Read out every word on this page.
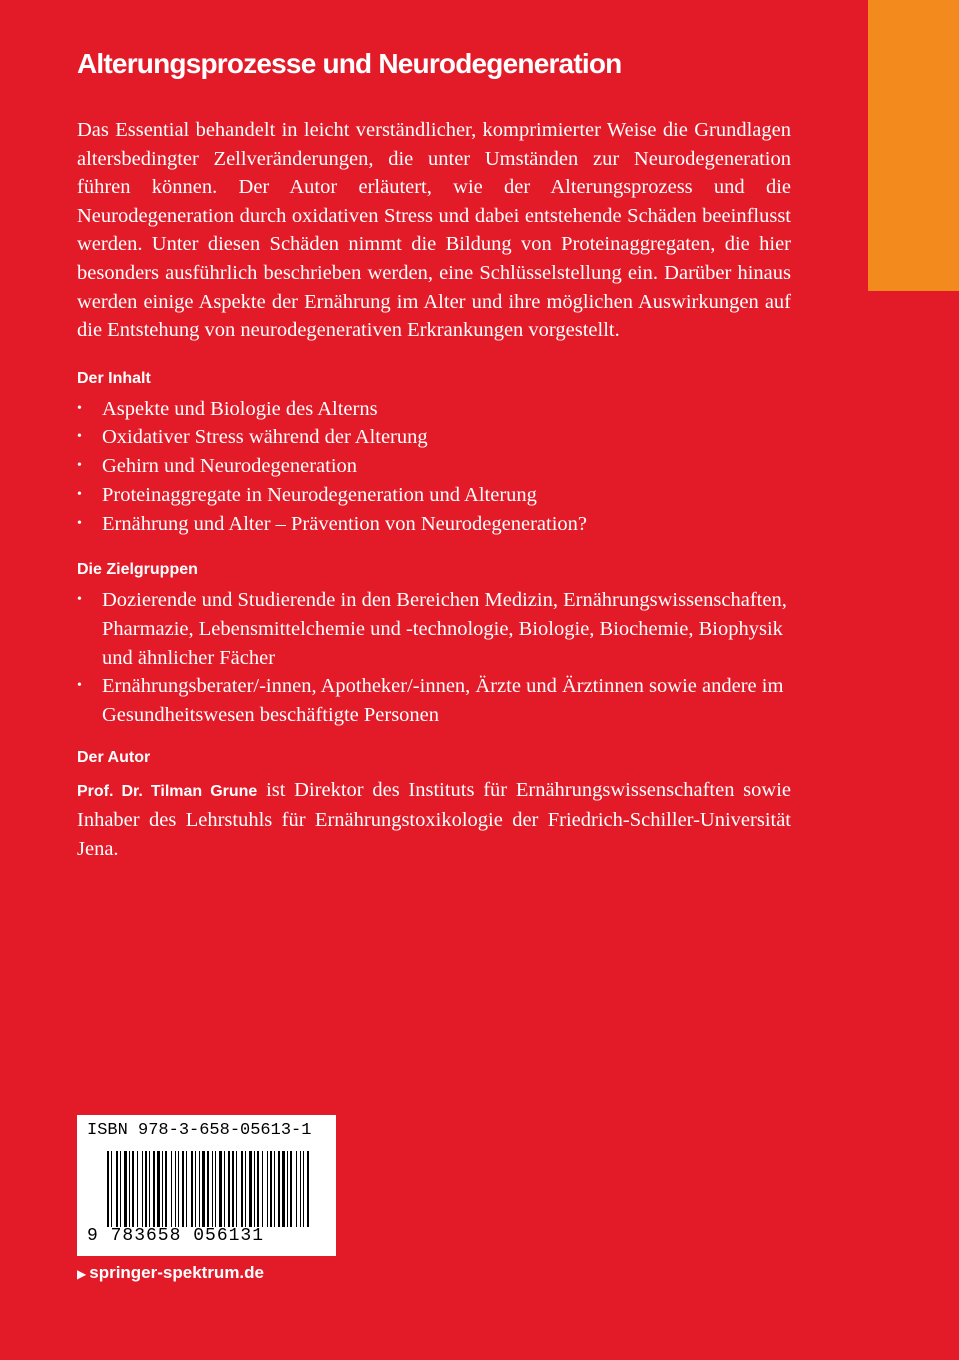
Alterungsprozesse und Neurodegeneration

Das Essential behandelt in leicht verständlicher, komprimierter Weise die Grundlagen altersbedingter Zellveränderungen, die unter Umständen zur Neurodegeneration führen können. Der Autor erläutert, wie der Alterungsprozess und die Neurodegeneration durch oxidativen Stress und dabei entstehende Schäden beeinflusst werden. Unter diesen Schäden nimmt die Bildung von Proteinaggregaten, die hier besonders ausführlich beschrieben werden, eine Schlüsselstellung ein. Darüber hinaus werden einige Aspekte der Ernährung im Alter und ihre möglichen Auswirkungen auf die Entstehung von neurodegenerativen Erkrankungen vorgestellt.

Der Inhalt
• Aspekte und Biologie des Alterns
• Oxidativer Stress während der Alterung
• Gehirn und Neurodegeneration
• Proteinaggregate in Neurodegeneration und Alterung
• Ernährung und Alter – Prävention von Neurodegeneration?
Die Zielgruppen
• Dozierende und Studierende in den Bereichen Medizin, Ernährungswissenschaften, Pharmazie, Lebensmittelchemie und -technologie, Biologie, Biochemie, Biophysik und ähnlicher Fächer
• Ernährungsberater/-innen, Apotheker/-innen, Ärzte und Ärztinnen sowie andere im Gesundheitswesen beschäftigte Personen
Der Autor

Prof. Dr. Tilman Grune ist Direktor des Instituts für Ernährungswissenschaften sowie Inhaber des Lehrstuhls für Ernährungstoxikologie der Friedrich-Schiller-Universität Jena.

ISBN 978-3-658-05613-1
9 783658 056131
▶ springer-spektrum.de
